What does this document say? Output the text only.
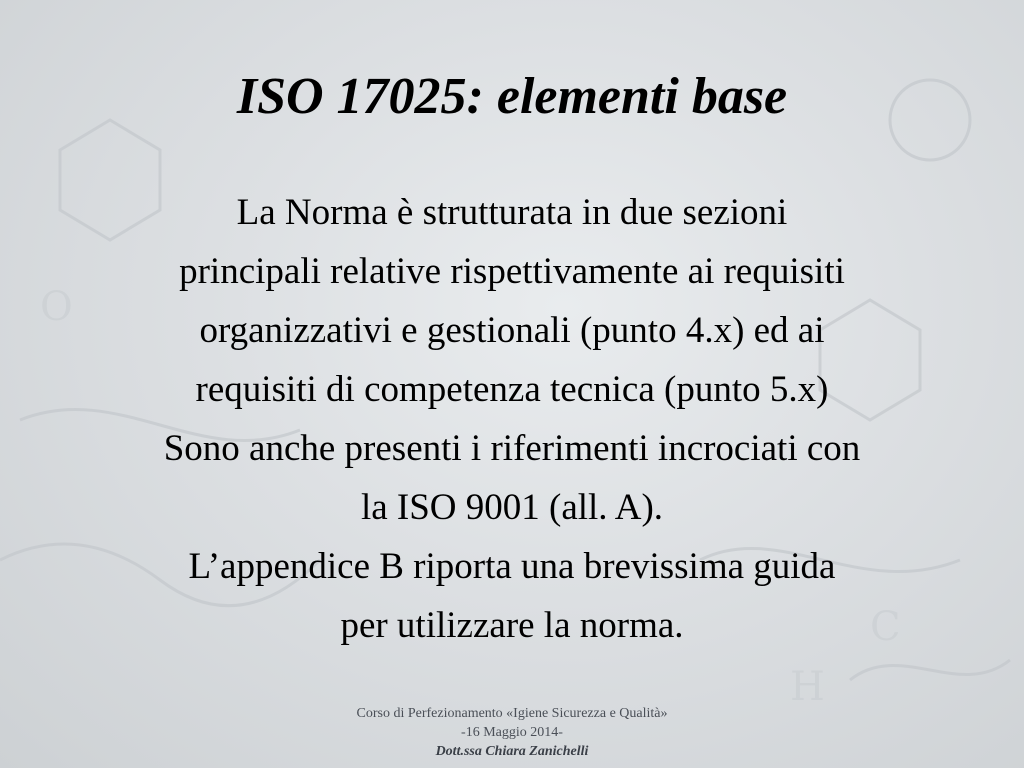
C
H
O
ISO 17025: elementi base

La Norma è strutturata in due sezioni

principali relative rispettivamente ai requisiti

organizzativi e gestionali (punto 4.x) ed ai

requisiti di competenza tecnica (punto 5.x)

Sono anche presenti i riferimenti incrociati con

la ISO 9001 (all. A).

L’appendice B riporta una brevissima guida

per utilizzare la norma.

Corso di Perfezionamento «Igiene Sicurezza e Qualità»
-16 Maggio 2014-
Dott.ssa Chiara Zanichelli
